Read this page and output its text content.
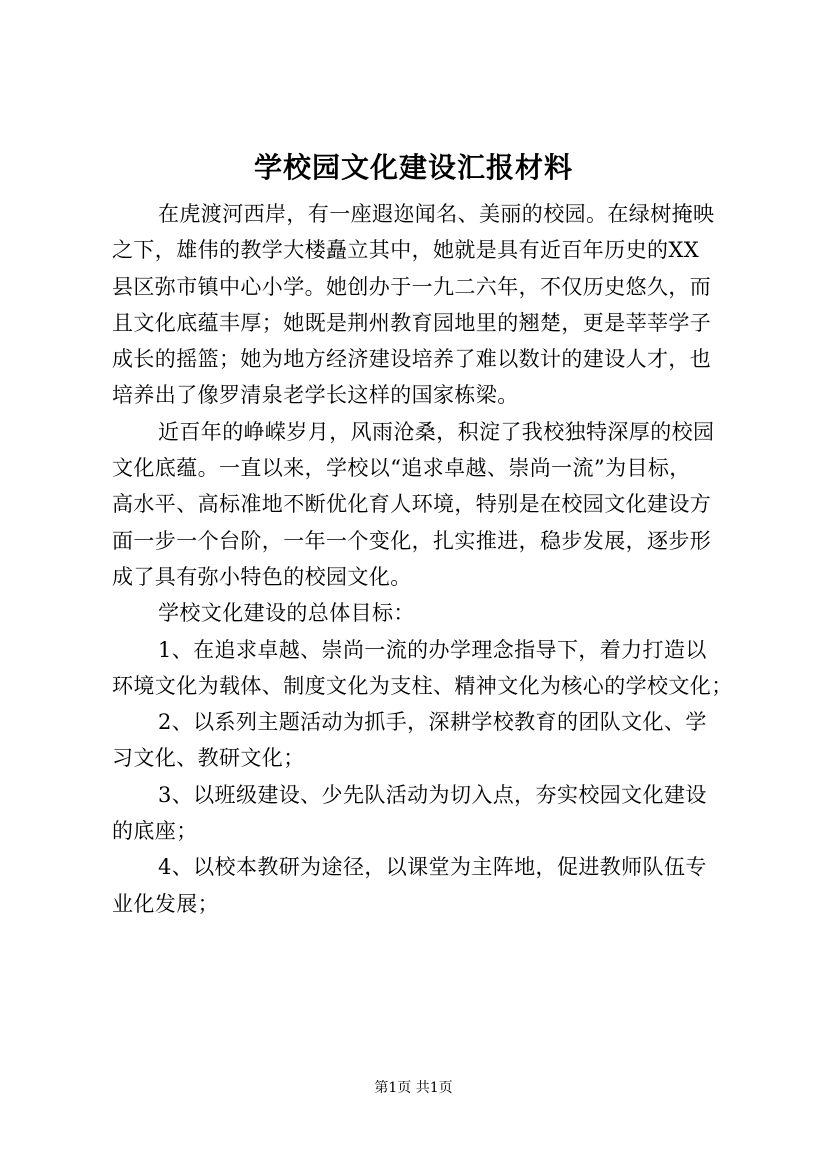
学校园文化建设汇报材料
在虎渡河西岸，有一座遐迩闻名、美丽的校园。在绿树掩映
之下，雄伟的教学大楼矗立其中，她就是具有近百年历史的XX
县区弥市镇中心小学。她创办于一九二六年，不仅历史悠久，而
且文化底蕴丰厚；她既是荆州教育园地里的翘楚，更是莘莘学子
成长的摇篮；她为地方经济建设培养了难以数计的建设人才，也
培养出了像罗清泉老学长这样的国家栋梁。
近百年的峥嵘岁月，风雨沧桑，积淀了我校独特深厚的校园
文化底蕴。一直以来，学校以“追求卓越、崇尚一流”为目标，
高水平、高标准地不断优化育人环境，特别是在校园文化建设方
面一步一个台阶，一年一个变化，扎实推进，稳步发展，逐步形
成了具有弥小特色的校园文化。
学校文化建设的总体目标：
1、在追求卓越、崇尚一流的办学理念指导下，着力打造以
环境文化为载体、制度文化为支柱、精神文化为核心的学校文化；
2、以系列主题活动为抓手，深耕学校教育的团队文化、学
习文化、教研文化；
3、以班级建设、少先队活动为切入点，夯实校园文化建设
的底座；
4、以校本教研为途径，以课堂为主阵地，促进教师队伍专
业化发展；
第1页 共1页
